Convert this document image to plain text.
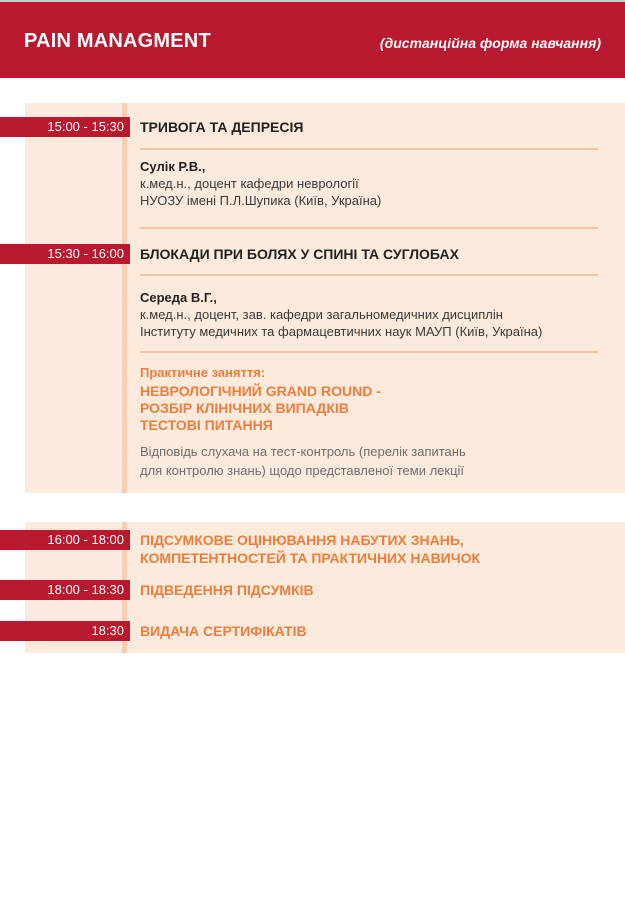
PAIN MANAGMENT	(дистанційна форма навчання)
15:00 - 15:30	ТРИВОГА ТА ДЕПРЕСІЯ
Сулік Р.В.,
к.мед.н., доцент кафедри неврології
НУОЗУ імені П.Л.Шупика (Київ, Україна)
15:30 - 16:00	БЛОКАДИ ПРИ БОЛЯХ У СПИНІ ТА СУГЛОБАХ
Середа В.Г.,
к.мед.н., доцент, зав. кафедри загальномедичних дисциплін
Інституту медичних та фармацевтичних наук МАУП (Київ, Україна)
Практичне заняття:
НЕВРОЛОГІЧНИЙ GRAND ROUND -
РОЗБІР КЛІНІЧНИХ ВИПАДКІВ
ТЕСТОВІ ПИТАННЯ
Відповідь слухача на тест-контроль (перелік запитань
для контролю знань) щодо представленої теми лекції
16:00 - 18:00	ПІДСУМКОВЕ ОЦІНЮВАННЯ НАБУТИХ ЗНАНЬ,
КОМПЕТЕНТНОСТЕЙ ТА ПРАКТИЧНИХ НАВИЧОК
18:00 - 18:30	ПІДВЕДЕННЯ ПІДСУМКІВ
18:30	ВИДАЧА СЕРТИФІКАТІВ
